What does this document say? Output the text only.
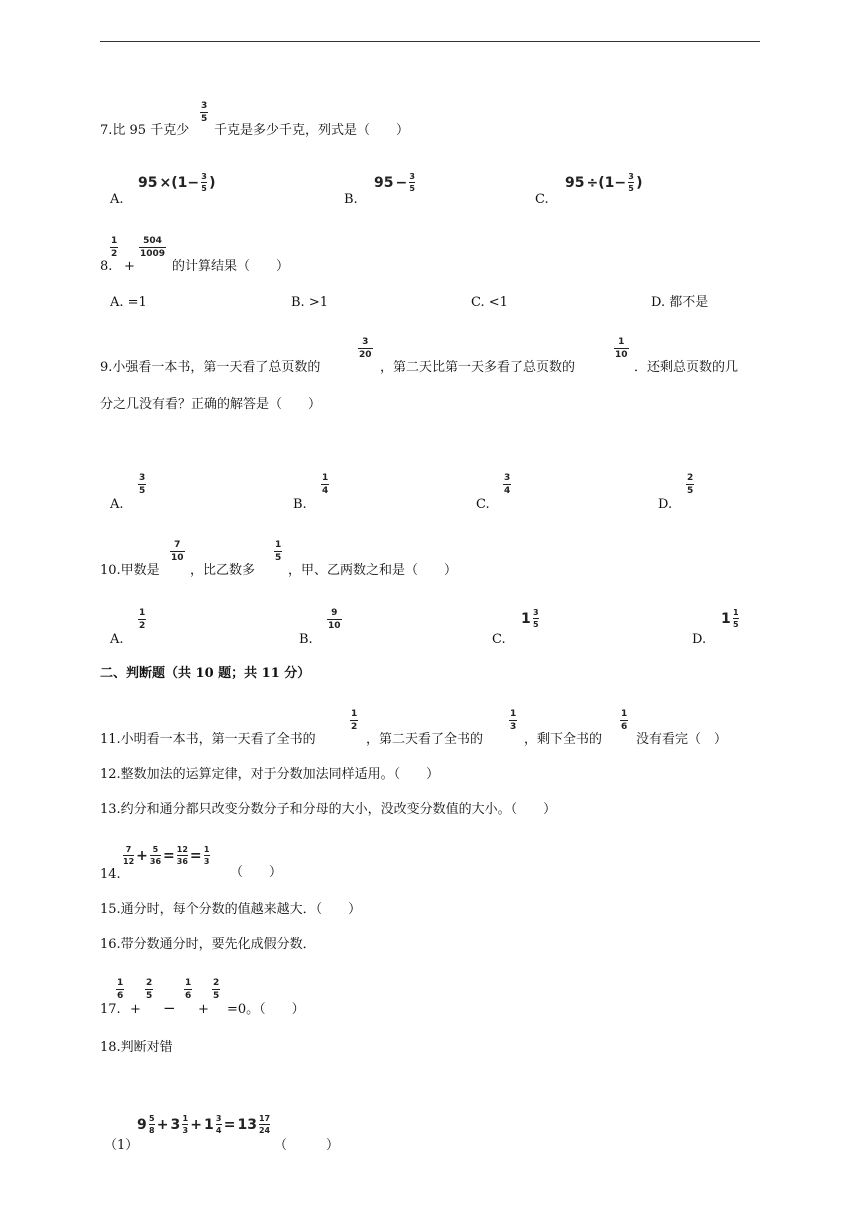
7.比 95 千克少
3
5
千克是多少千克，列式是（　　）
A.
95 ×(1− 3
5 )
B.
95 − 3
5
C.
95 ÷(1− 3
5 )
8.
1
2
+
504
1009
的计算结果（　　）
A. =1	B. >1	C. <1	D. 都不是
9.小强看一本书，第一天看了总页数的
3
20
，第二天比第一天多看了总页数的
1
10
．还剩总页数的几
分之几没有看？正确的解答是（　　）
A.
3
5
B.
1
4
C.
3
4
D.
2
5
10.甲数是
7
10
，比乙数多
1
5
，甲、乙两数之和是（　　）
A.
1
2
B.
9
10
C.
1 3
5
D.
1 1
5
二、判断题（共 10 题；共 11 分）
11.小明看一本书，第一天看了全书的
1
2
，第二天看了全书的
1
3
，剩下全书的
1
6
没有看完（　）
12.整数加法的运算定律，对于分数加法同样适用。（　　）
13.约分和通分都只改变分数分子和分母的大小，没改变分数值的大小。（　　）
14.
7
12 + 5
36 = 12
36 = 1
3
（　　）
15.通分时，每个分数的值越来越大．（　　）
16.带分数通分时，要先化成假分数．
17.
1
6
+
2
5
−
1
6
+
2
5
=0。（　　）
18.判断对错
（1）
9 5
8 + 3 1
3 + 1 3
4 = 13 17
24
（　　　）
